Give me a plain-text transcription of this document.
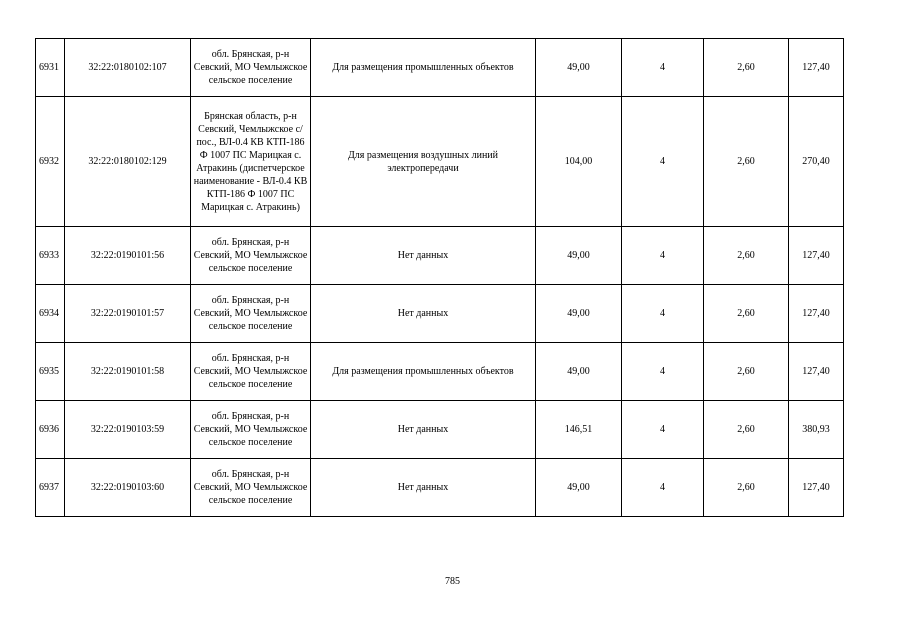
6931	32:22:0180102:107	обл. Брянская, р-н Севский, МО Чемлыжское сельское поселение	Для размещения промышленных объектов	49,00	4	2,60	127,40
6932	32:22:0180102:129	Брянская область, р-н Севский, Чемлыжское с/пос., ВЛ-0.4 КВ КТП-186 Ф 1007 ПС Марицкая с. Атракинь (диспетчерское наименование - ВЛ-0.4 КВ КТП-186 Ф 1007 ПС Марицкая с. Атракинь)	Для размещения воздушных линий электропередачи	104,00	4	2,60	270,40
6933	32:22:0190101:56	обл. Брянская, р-н Севский, МО Чемлыжское сельское поселение	Нет данных	49,00	4	2,60	127,40
6934	32:22:0190101:57	обл. Брянская, р-н Севский, МО Чемлыжское сельское поселение	Нет данных	49,00	4	2,60	127,40
6935	32:22:0190101:58	обл. Брянская, р-н Севский, МО Чемлыжское сельское поселение	Для размещения промышленных объектов	49,00	4	2,60	127,40
6936	32:22:0190103:59	обл. Брянская, р-н Севский, МО Чемлыжское сельское поселение	Нет данных	146,51	4	2,60	380,93
6937	32:22:0190103:60	обл. Брянская, р-н Севский, МО Чемлыжское сельское поселение	Нет данных	49,00	4	2,60	127,40
785
